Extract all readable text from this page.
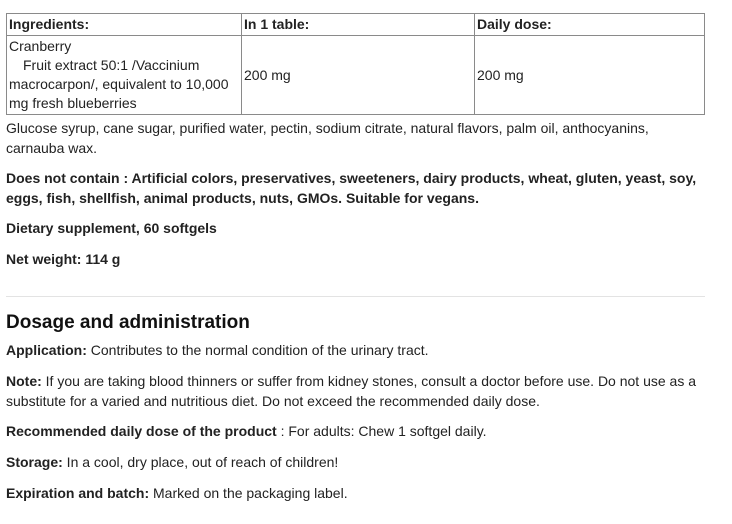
Ingredients:	In 1 table:	Daily dose:

Cranberry
Fruit extract 50:1 /Vaccinium macrocarpon/, equivalent to 10,000 mg fresh blueberries	200 mg	200 mg

Glucose syrup, cane sugar, purified water, pectin, sodium citrate, natural flavors, palm oil, anthocyanins, carnauba wax.

Does not contain : Artificial colors, preservatives, sweeteners, dairy products, wheat, gluten, yeast, soy, eggs, fish, shellfish, animal products, nuts, GMOs. Suitable for vegans.

Dietary supplement, 60 softgels

Net weight: 114 g

Dosage and administration

Application: Contributes to the normal condition of the urinary tract.

Note: If you are taking blood thinners or suffer from kidney stones, consult a doctor before use. Do not use as a substitute for a varied and nutritious diet. Do not exceed the recommended daily dose.

Recommended daily dose of the product : For adults: Chew 1 softgel daily.

Storage: In a cool, dry place, out of reach of children!

Expiration and batch: Marked on the packaging label.
